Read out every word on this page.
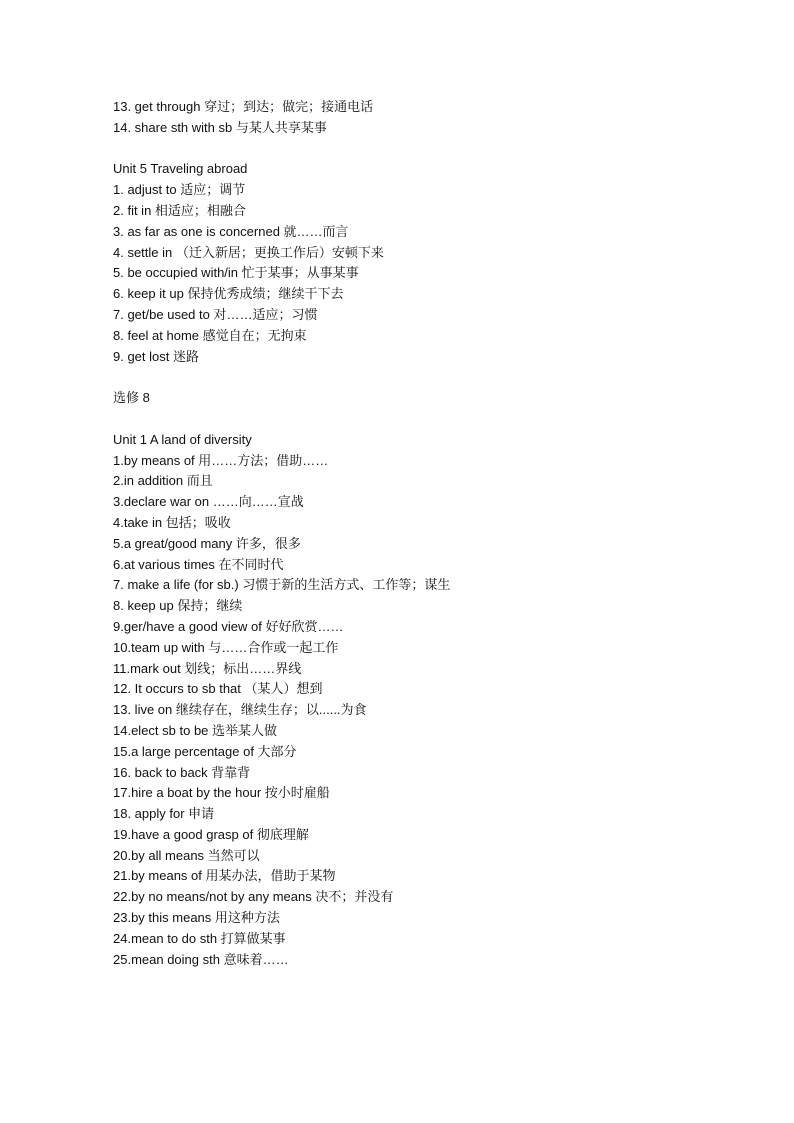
13. get through 穿过；到达；做完；接通电话
14. share sth with sb 与某人共享某事
Unit 5 Traveling abroad
1. adjust to 适应；调节
2. fit in 相适应；相融合
3. as far as one is concerned 就……而言
4. settle in （迁入新居；更换工作后）安顿下来
5. be occupied with/in 忙于某事；从事某事
6. keep it up 保持优秀成绩；继续干下去
7. get/be used to 对……适应；习惯
8. feel at home 感觉自在；无拘束
9. get lost 迷路
选修 8
Unit 1 A land of diversity
1.by means of 用……方法；借助……
2.in addition 而且
3.declare war on ……向……宣战
4.take in 包括；吸收
5.a great/good many 许多，很多
6.at various times 在不同时代
7. make a life (for sb.) 习惯于新的生活方式、工作等；谋生
8. keep up 保持；继续
9.ger/have a good view of 好好欣赏……
10.team up with 与……合作或一起工作
11.mark out 划线；标出……界线
12. It occurs to sb that （某人）想到
13. live on 继续存在，继续生存；以......为食
14.elect sb to be 选举某人做
15.a large percentage of 大部分
16. back to back 背靠背
17.hire a boat by the hour 按小时雇船
18. apply for 申请
19.have a good grasp of 彻底理解
20.by all means 当然可以
21.by means of 用某办法，借助于某物
22.by no means/not by any means 决不；并没有
23.by this means 用这种方法
24.mean to do sth 打算做某事
25.mean doing sth 意味着……
